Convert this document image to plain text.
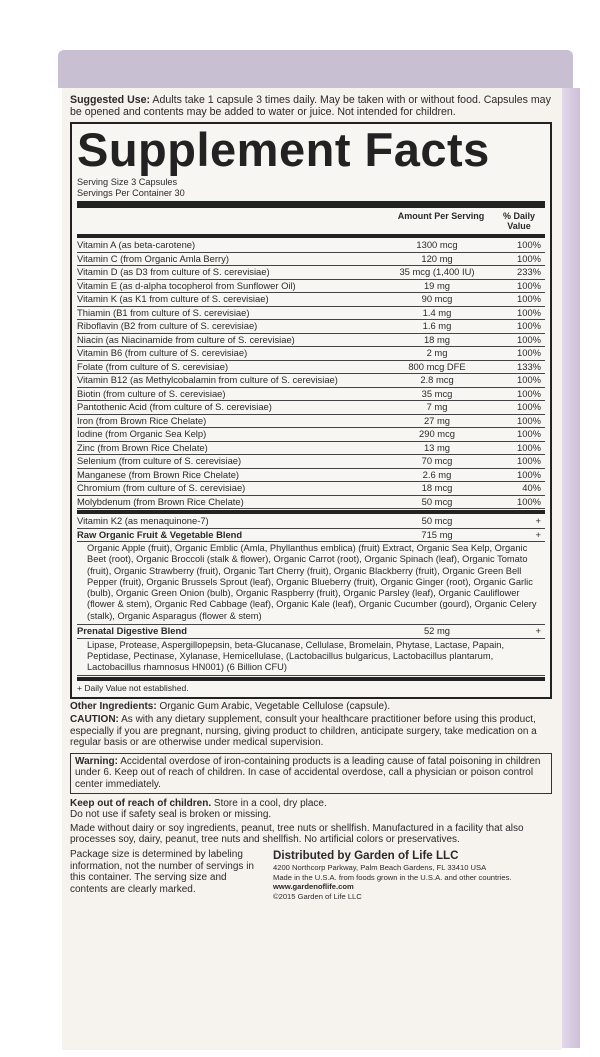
Suggested Use: Adults take 1 capsule 3 times daily. May be taken with or without food. Capsules may be opened and contents may be added to water or juice. Not intended for children.
Supplement Facts
Serving Size 3 Capsules
Servings Per Container 30
Amount Per Serving	% Daily Value
Vitamin A (as beta-carotene)	1300 mcg	100%
Vitamin C (from Organic Amla Berry)	120 mg	100%
Vitamin D (as D3 from culture of S. cerevisiae)	35 mcg (1,400 IU)	233%
Vitamin E (as d-alpha tocopherol from Sunflower Oil)	19 mg	100%
Vitamin K (as K1 from culture of S. cerevisiae)	90 mcg	100%
Thiamin (B1 from culture of S. cerevisiae)	1.4 mg	100%
Riboflavin (B2 from culture of S. cerevisiae)	1.6 mg	100%
Niacin (as Niacinamide from culture of S. cerevisiae)	18 mg	100%
Vitamin B6 (from culture of S. cerevisiae)	2 mg	100%
Folate (from culture of S. cerevisiae)	800 mcg DFE	133%
Vitamin B12 (as Methylcobalamin from culture of S. cerevisiae)	2.8 mcg	100%
Biotin (from culture of S. cerevisiae)	35 mcg	100%
Pantothenic Acid (from culture of S. cerevisiae)	7 mg	100%
Iron (from Brown Rice Chelate)	27 mg	100%
Iodine (from Organic Sea Kelp)	290 mcg	100%
Zinc (from Brown Rice Chelate)	13 mg	100%
Selenium (from culture of S. cerevisiae)	70 mcg	100%
Manganese (from Brown Rice Chelate)	2.6 mg	100%
Chromium (from culture of S. cerevisiae)	18 mcg	40%
Molybdenum (from Brown Rice Chelate)	50 mcg	100%
Vitamin K2 (as menaquinone-7)	50 mcg	+
Raw Organic Fruit & Vegetable Blend	715 mg	+
Organic Apple (fruit), Organic Emblic (Amla, Phyllanthus emblica) (fruit) Extract, Organic Sea Kelp, Organic Beet (root), Organic Broccoli (stalk & flower), Organic Carrot (root), Organic Spinach (leaf), Organic Tomato (fruit), Organic Strawberry (fruit), Organic Tart Cherry (fruit), Organic Blackberry (fruit), Organic Green Bell Pepper (fruit), Organic Brussels Sprout (leaf), Organic Blueberry (fruit), Organic Ginger (root), Organic Garlic (bulb), Organic Green Onion (bulb), Organic Raspberry (fruit), Organic Parsley (leaf), Organic Cauliflower (flower & stem), Organic Red Cabbage (leaf), Organic Kale (leaf), Organic Cucumber (gourd), Organic Celery (stalk), Organic Asparagus (flower & stem)
Prenatal Digestive Blend	52 mg	+
Lipase, Protease, Aspergillopepsin, beta-Glucanase, Cellulase, Bromelain, Phytase, Lactase, Papain, Peptidase, Pectinase, Xylanase, Hemicellulase, (Lactobacillus bulgaricus, Lactobacillus plantarum, Lactobacillus rhamnosus HN001) (6 Billion CFU)
+ Daily Value not established.
Other Ingredients: Organic Gum Arabic, Vegetable Cellulose (capsule).
CAUTION: As with any dietary supplement, consult your healthcare practitioner before using this product, especially if you are pregnant, nursing, giving product to children, anticipate surgery, take medication on a regular basis or are otherwise under medical supervision.
Warning: Accidental overdose of iron-containing products is a leading cause of fatal poisoning in children under 6. Keep out of reach of children. In case of accidental overdose, call a physician or poison control center immediately.
Keep out of reach of children. Store in a cool, dry place.
Do not use if safety seal is broken or missing.
Made without dairy or soy ingredients, peanut, tree nuts or shellfish. Manufactured in a facility that also processes soy, dairy, peanut, tree nuts and shellfish. No artificial colors or preservatives.
Package size is determined by labeling information, not the number of servings in this container. The serving size and contents are clearly marked.
Distributed by Garden of Life LLC
4200 Northcorp Parkway, Palm Beach Gardens, FL 33410 USA
Made in the U.S.A. from foods grown in the U.S.A. and other countries. www.gardenoflife.com
©2015 Garden of Life LLC
